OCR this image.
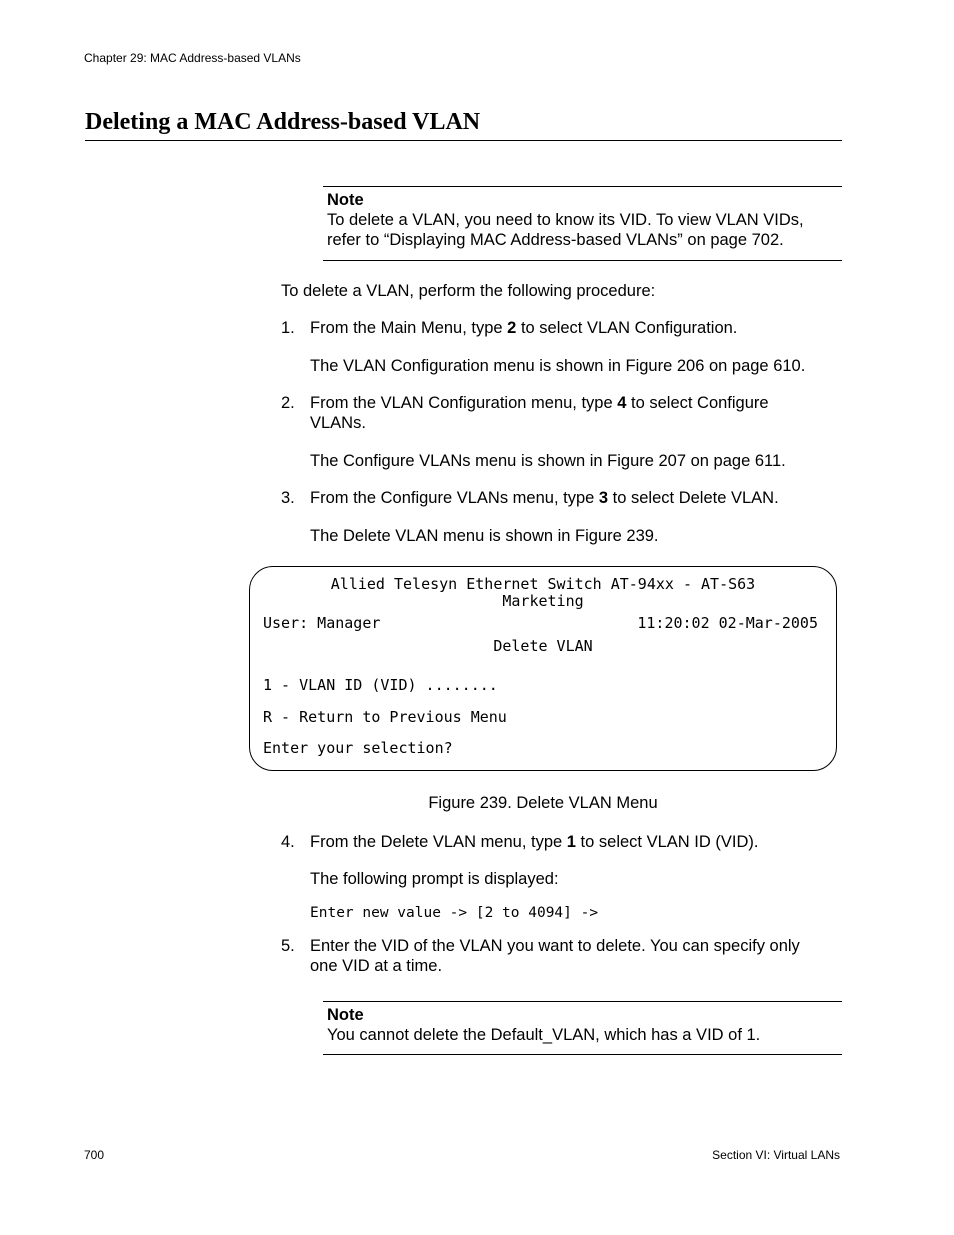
Chapter 29: MAC Address-based VLANs
Deleting a MAC Address-based VLAN
Note
To delete a VLAN, you need to know its VID. To view VLAN VIDs,
refer to “Displaying MAC Address-based VLANs” on page 702.
To delete a VLAN, perform the following procedure:
1. From the Main Menu, type 2 to select VLAN Configuration.
The VLAN Configuration menu is shown in Figure 206 on page 610.
2. From the VLAN Configuration menu, type 4 to select Configure
VLANs.
The Configure VLANs menu is shown in Figure 207 on page 611.
3. From the Configure VLANs menu, type 3 to select Delete VLAN.
The Delete VLAN menu is shown in Figure 239.
Allied Telesyn Ethernet Switch AT-94xx - AT-S63
Marketing
User: Manager	11:20:02 02-Mar-2005
Delete VLAN
1 - VLAN ID (VID) ........
R - Return to Previous Menu
Enter your selection?
Figure 239. Delete VLAN Menu
4. From the Delete VLAN menu, type 1 to select VLAN ID (VID).
The following prompt is displayed:
Enter new value -> [2 to 4094] ->
5. Enter the VID of the VLAN you want to delete. You can specify only
one VID at a time.
Note
You cannot delete the Default_VLAN, which has a VID of 1.
700	Section VI: Virtual LANs
